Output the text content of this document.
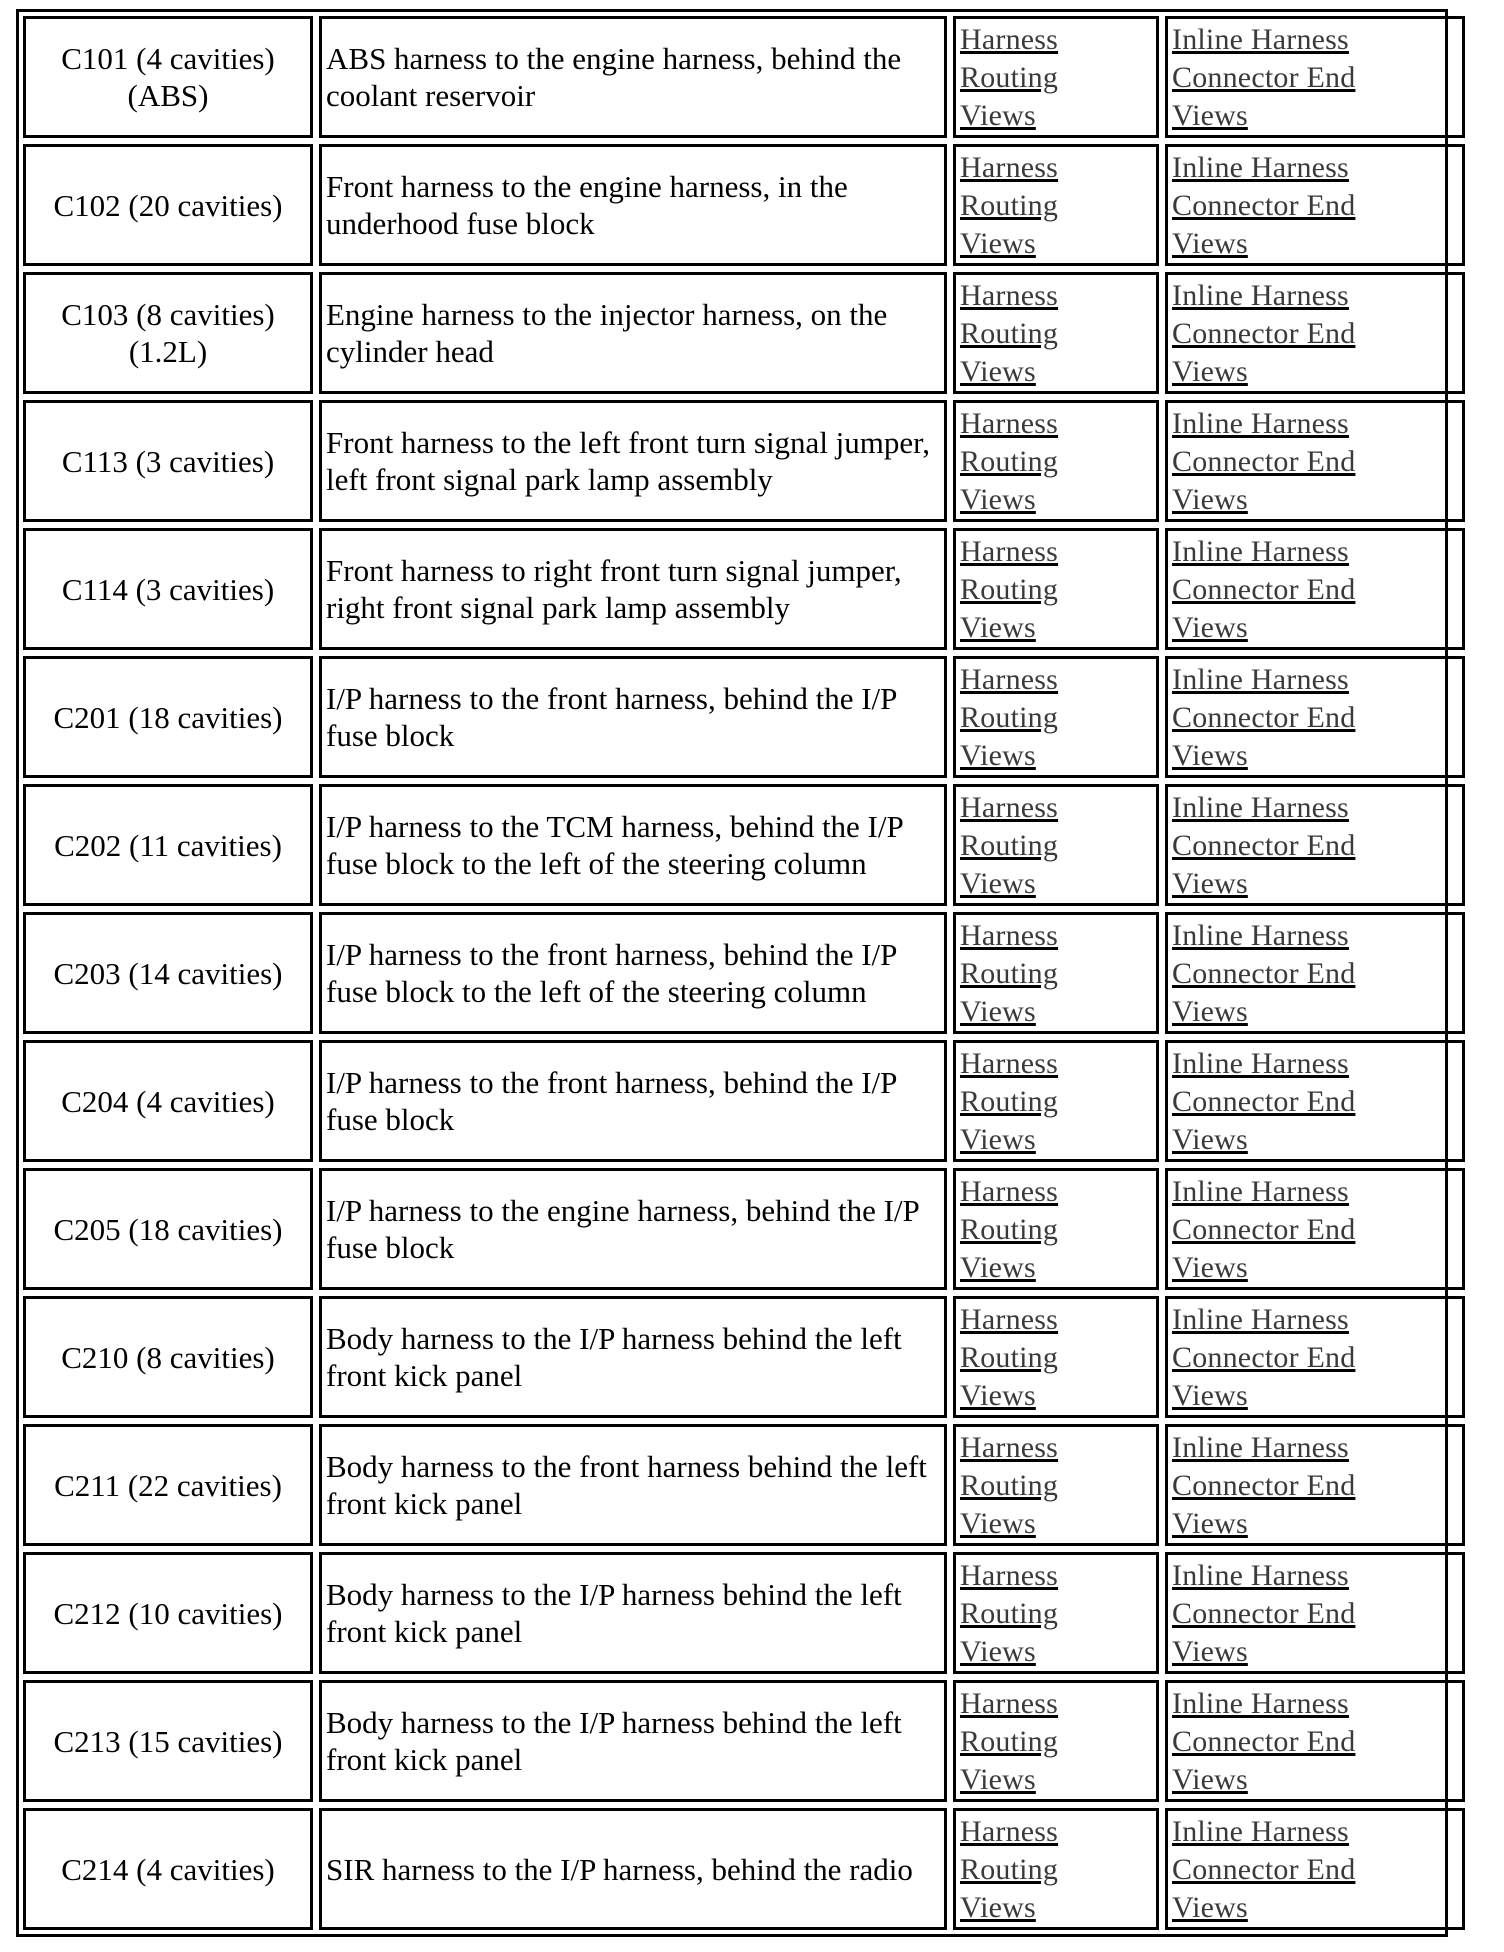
C101 (4 cavities) (ABS)	ABS harness to the engine harness, behind the coolant reservoir	Harness
Routing
Views	Inline Harness
Connector End
Views

C102 (20 cavities)	Front harness to the engine harness, in the underhood fuse block	Harness
Routing
Views	Inline Harness
Connector End
Views

C103 (8 cavities) (1.2L)	Engine harness to the injector harness, on the cylinder head	Harness
Routing
Views	Inline Harness
Connector End
Views

C113 (3 cavities)	Front harness to the left front turn signal jumper, left front signal park lamp assembly	Harness
Routing
Views	Inline Harness
Connector End
Views

C114 (3 cavities)	Front harness to right front turn signal jumper, right front signal park lamp assembly	Harness
Routing
Views	Inline Harness
Connector End
Views

C201 (18 cavities)	I/P harness to the front harness, behind the I/P fuse block	Harness
Routing
Views	Inline Harness
Connector End
Views

C202 (11 cavities)	I/P harness to the TCM harness, behind the I/P fuse block to the left of the steering column	Harness
Routing
Views	Inline Harness
Connector End
Views

C203 (14 cavities)	I/P harness to the front harness, behind the I/P fuse block to the left of the steering column	Harness
Routing
Views	Inline Harness
Connector End
Views

C204 (4 cavities)	I/P harness to the front harness, behind the I/P fuse block	Harness
Routing
Views	Inline Harness
Connector End
Views

C205 (18 cavities)	I/P harness to the engine harness, behind the I/P fuse block	Harness
Routing
Views	Inline Harness
Connector End
Views

C210 (8 cavities)	Body harness to the I/P harness behind the left front kick panel	Harness
Routing
Views	Inline Harness
Connector End
Views

C211 (22 cavities)	Body harness to the front harness behind the left front kick panel	Harness
Routing
Views	Inline Harness
Connector End
Views

C212 (10 cavities)	Body harness to the I/P harness behind the left front kick panel	Harness
Routing
Views	Inline Harness
Connector End
Views

C213 (15 cavities)	Body harness to the I/P harness behind the left front kick panel	Harness
Routing
Views	Inline Harness
Connector End
Views

C214 (4 cavities)	SIR harness to the I/P harness, behind the radio	Harness
Routing
Views	Inline Harness
Connector End
Views
